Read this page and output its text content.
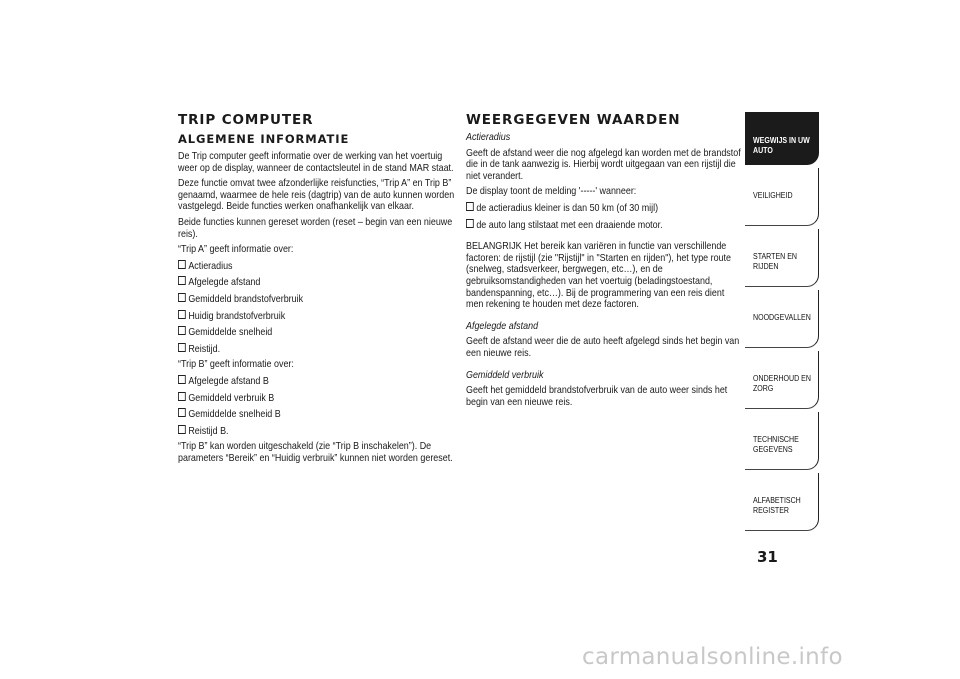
TRIP COMPUTER
ALGEMENE INFORMATIE
De Trip computer geeft informatie over de werking van het voertuig weer op de display, wanneer de contactsleutel in de stand MAR staat.
Deze functie omvat twee afzonderlijke reisfuncties, “Trip A” en Trip B” genaamd, waarmee de hele reis (dagtrip) van de auto kunnen worden vastgelegd. Beide functies werken onafhankelijk van elkaar.
Beide functies kunnen gereset worden (reset – begin van een nieuwe reis).
“Trip A” geeft informatie over:
Actieradius
Afgelegde afstand
Gemiddeld brandstofverbruik
Huidig brandstofverbruik
Gemiddelde snelheid
Reistijd.
“Trip B” geeft informatie over:
Afgelegde afstand B
Gemiddeld verbruik B
Gemiddelde snelheid B
Reistijd B.
“Trip B” kan worden uitgeschakeld (zie “Trip B inschakelen”). De parameters “Bereik” en “Huidig verbruik” kunnen niet worden gereset.
WEERGEGEVEN WAARDEN
Actieradius
Geeft de afstand weer die nog afgelegd kan worden met de brandstof die in de tank aanwezig is. Hierbij wordt uitgegaan van een rijstijl die niet verandert.
De display toont de melding '-----' wanneer:
de actieradius kleiner is dan 50 km (of 30 mijl)
de auto lang stilstaat met een draaiende motor.
BELANGRIJK Het bereik kan variëren in functie van verschillende factoren: de rijstijl (zie "Rijstijl" in "Starten en rijden"), het type route (snelweg, stadsverkeer, bergwegen, etc…), en de gebruiksomstandigheden van het voertuig (beladingstoestand, bandenspanning, etc…). Bij de programmering van een reis dient men rekening te houden met deze factoren.
Afgelegde afstand
Geeft de afstand weer die de auto heeft afgelegd sinds het begin van een nieuwe reis.
Gemiddeld verbruik
Geeft het gemiddeld brandstofverbruik van de auto weer sinds het begin van een nieuwe reis.
WEGWIJS IN UW AUTO
VEILIGHEID
STARTEN EN RIJDEN
NOODGEVALLEN
ONDERHOUD EN ZORG
TECHNISCHE GEGEVENS
ALFABETISCH REGISTER
31
carmanualsonline.info
